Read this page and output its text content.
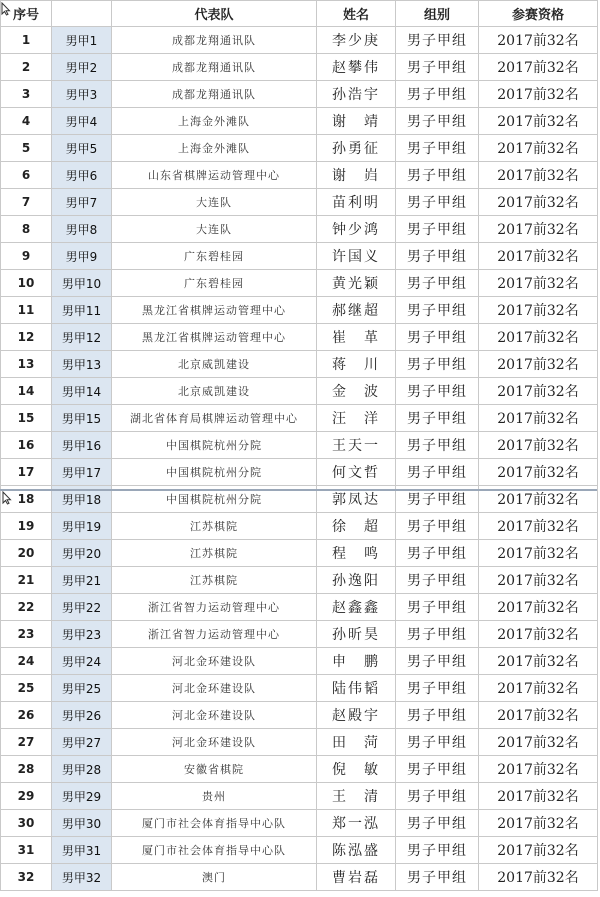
序号		代表队	姓名	组别	参赛资格
1	男甲1	成都龙翔通讯队	李少庚	男子甲组	2017前32名
2	男甲2	成都龙翔通讯队	赵攀伟	男子甲组	2017前32名
3	男甲3	成都龙翔通讯队	孙浩宇	男子甲组	2017前32名
4	男甲4	上海金外滩队	谢　靖	男子甲组	2017前32名
5	男甲5	上海金外滩队	孙勇征	男子甲组	2017前32名
6	男甲6	山东省棋牌运动管理中心	谢　岿	男子甲组	2017前32名
7	男甲7	大连队	苗利明	男子甲组	2017前32名
8	男甲8	大连队	钟少鸿	男子甲组	2017前32名
9	男甲9	广东碧桂园	许国义	男子甲组	2017前32名
10	男甲10	广东碧桂园	黄光颖	男子甲组	2017前32名
11	男甲11	黑龙江省棋牌运动管理中心	郝继超	男子甲组	2017前32名
12	男甲12	黑龙江省棋牌运动管理中心	崔　革	男子甲组	2017前32名
13	男甲13	北京威凯建设	蒋　川	男子甲组	2017前32名
14	男甲14	北京威凯建设	金　波	男子甲组	2017前32名
15	男甲15	湖北省体育局棋牌运动管理中心	汪　洋	男子甲组	2017前32名
16	男甲16	中国棋院杭州分院	王天一	男子甲组	2017前32名
17	男甲17	中国棋院杭州分院	何文哲	男子甲组	2017前32名
18	男甲18	中国棋院杭州分院	郭凤达	男子甲组	2017前32名
19	男甲19	江苏棋院	徐　超	男子甲组	2017前32名
20	男甲20	江苏棋院	程　鸣	男子甲组	2017前32名
21	男甲21	江苏棋院	孙逸阳	男子甲组	2017前32名
22	男甲22	浙江省智力运动管理中心	赵鑫鑫	男子甲组	2017前32名
23	男甲23	浙江省智力运动管理中心	孙昕昊	男子甲组	2017前32名
24	男甲24	河北金环建设队	申　鹏	男子甲组	2017前32名
25	男甲25	河北金环建设队	陆伟韬	男子甲组	2017前32名
26	男甲26	河北金环建设队	赵殿宇	男子甲组	2017前32名
27	男甲27	河北金环建设队	田　菏	男子甲组	2017前32名
28	男甲28	安徽省棋院	倪　敏	男子甲组	2017前32名
29	男甲29	贵州	王　清	男子甲组	2017前32名
30	男甲30	厦门市社会体育指导中心队	郑一泓	男子甲组	2017前32名
31	男甲31	厦门市社会体育指导中心队	陈泓盛	男子甲组	2017前32名
32	男甲32	澳门	曹岩磊	男子甲组	2017前32名
